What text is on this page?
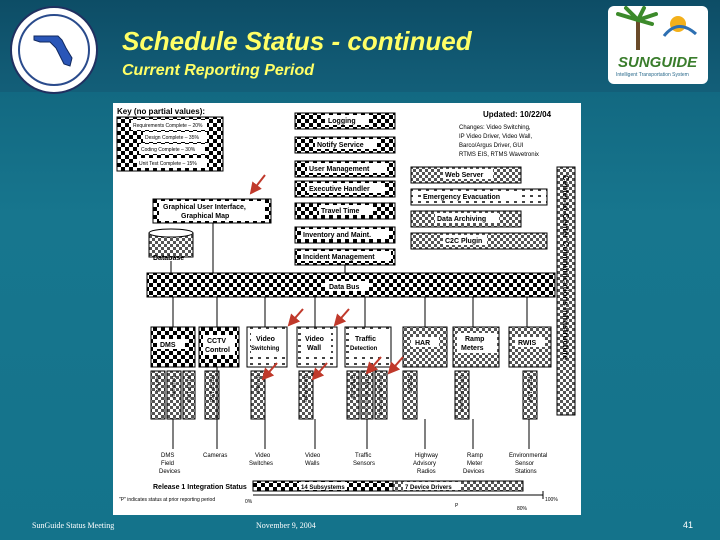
Schedule Status - continued
Current Reporting Period	SUNGUIDE
Intelligent Transportation System
Key (no partial values):
Requirements Complete – 20%
Design Complete – 35%
Coding Complete – 30%
Unit Test Complete – 15%
Updated: 10/22/04
Changes: Video Switching,
IP Video Driver, Video Wall,
Barco/Argus Driver, GUI
RTMS EIS, RTMS Wavetronix
Logging
Notify Service
User Management
Executive Handler
Travel Time
Inventory and Maint.
Incident Management
Graphical User Interface,
Graphical Map
Database
Web Server
Emergency Evacuation
Data Archiving
C2C Plugin	Center-to-Center Communications Infrastructure
Data Bus
DMS
CCTV
Control
Video
Switching
Video
Wall
Traffic
Detection
HAR
Ramp
Meters
RWIS
Mark IV Trailblazer NTCIP 1203	NTCIP 1205	IP Video	Barco/Argus	RTMS EIS RTMS Wavetronix Canoga Microloop	DR2000	NTCIP Firmware	NTCIP 1204
DMS
Field
Devices
Cameras	Video
Switches
Video
Walls
Traffic
Sensors
Highway
Advisory
Radios
Ramp
Meter
Devices
Environmental
Sensor
Stations
Release 1 Integration Status
"P" indicates status at prior reporting period	0%
14 Subsystems	7 Device Drivers
100%
P	80%
SunGuide Status Meeting	November 9, 2004	41
